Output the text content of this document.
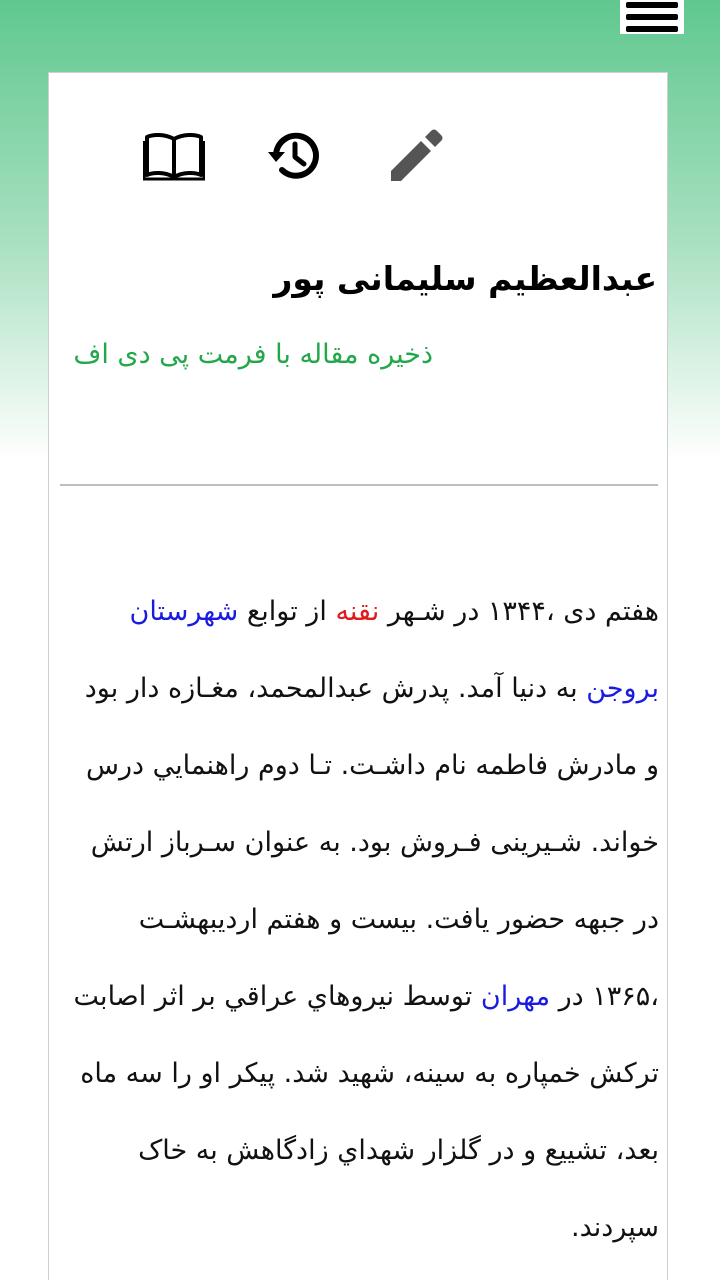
عبدالعظیم سلیمانی پور
ذخیره مقاله با فرمت پی دی اف

هفتم دی ،۱۳۴۴ در شـهر نقنه از توابع شهرستان بروجن به دنیا آمد. پدرش عبدالمحمد، مغـازه دار بود و مادرش فاطمه نام داشـت. تـا دوم راهنمايي درس خواند. شـيرينی فـروش بود. به عنوان سـرباز ارتش در جبهه حضور يافت. بيست و هفتم ارديبهشـت ،۱۳۶۵ در مهران توسط نيروهاي عراقي بر اثر اصابت تركش خمپاره به سينه، شهيد شد. پيكر او را سه ماه بعد، تشييع و در گلزار شهداي زادگاهش به خاک سپردند.
